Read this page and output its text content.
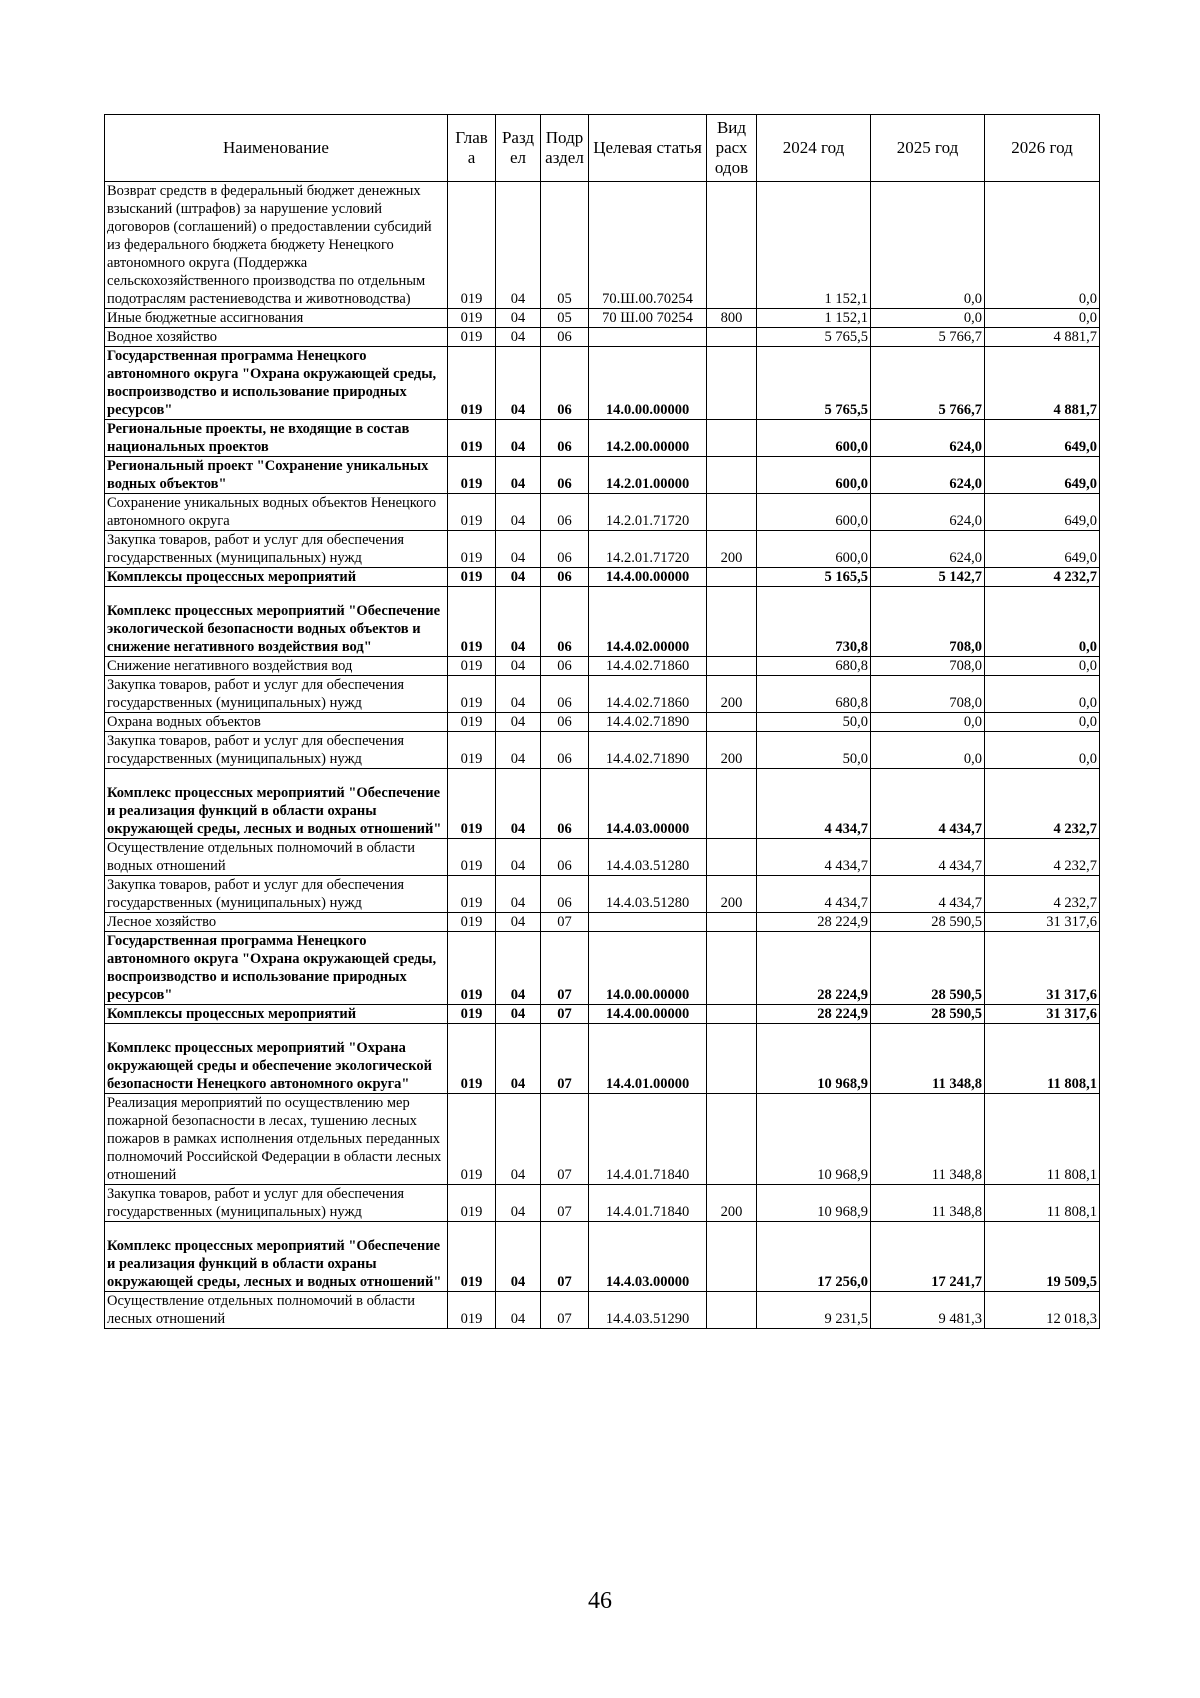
Наименование	Глав а	Разд ел	Подр аздел	Целевая статья	Вид расх одов	2024 год	2025 год	2026 год
Возврат средств в федеральный бюджет денежных взысканий (штрафов) за нарушение условий договоров (соглашений) о предоставлении субсидий из федерального бюджета бюджету Ненецкого автономного округа (Поддержка сельскохозяйственного производства по отдельным подотраслям растениеводства и животноводства)	019	04	05	70.Ш.00.70254		1 152,1	0,0	0,0
Иные бюджетные ассигнования	019	04	05	70 Ш.00 70254	800	1 152,1	0,0	0,0
Водное хозяйство	019	04	06			5 765,5	5 766,7	4 881,7
Государственная программа Ненецкого автономного округа "Охрана окружающей среды, воспроизводство и использование природных ресурсов"	019	04	06	14.0.00.00000		5 765,5	5 766,7	4 881,7
Региональные проекты, не входящие в состав национальных проектов	019	04	06	14.2.00.00000		600,0	624,0	649,0
Региональный проект "Сохранение уникальных водных объектов"	019	04	06	14.2.01.00000		600,0	624,0	649,0
Сохранение уникальных водных объектов Ненецкого автономного округа	019	04	06	14.2.01.71720		600,0	624,0	649,0
Закупка товаров, работ и услуг для обеспечения государственных (муниципальных) нужд	019	04	06	14.2.01.71720	200	600,0	624,0	649,0
Комплексы процессных мероприятий	019	04	06	14.4.00.00000		5 165,5	5 142,7	4 232,7
Комплекс процессных мероприятий "Обеспечение экологической безопасности водных объектов и снижение негативного воздействия вод"	019	04	06	14.4.02.00000		730,8	708,0	0,0
Снижение негативного воздействия вод	019	04	06	14.4.02.71860		680,8	708,0	0,0
Закупка товаров, работ и услуг для обеспечения государственных (муниципальных) нужд	019	04	06	14.4.02.71860	200	680,8	708,0	0,0
Охрана водных объектов	019	04	06	14.4.02.71890		50,0	0,0	0,0
Закупка товаров, работ и услуг для обеспечения государственных (муниципальных) нужд	019	04	06	14.4.02.71890	200	50,0	0,0	0,0
Комплекс процессных мероприятий "Обеспечение и реализация функций в области охраны окружающей среды, лесных и водных отношений"	019	04	06	14.4.03.00000		4 434,7	4 434,7	4 232,7
Осуществление отдельных полномочий в области водных отношений	019	04	06	14.4.03.51280		4 434,7	4 434,7	4 232,7
Закупка товаров, работ и услуг для обеспечения государственных (муниципальных) нужд	019	04	06	14.4.03.51280	200	4 434,7	4 434,7	4 232,7
Лесное хозяйство	019	04	07			28 224,9	28 590,5	31 317,6
Государственная программа Ненецкого автономного округа "Охрана окружающей среды, воспроизводство и использование природных ресурсов"	019	04	07	14.0.00.00000		28 224,9	28 590,5	31 317,6
Комплексы процессных мероприятий	019	04	07	14.4.00.00000		28 224,9	28 590,5	31 317,6
Комплекс процессных мероприятий "Охрана окружающей среды и обеспечение экологической безопасности Ненецкого автономного округа"	019	04	07	14.4.01.00000		10 968,9	11 348,8	11 808,1
Реализация мероприятий по осуществлению мер пожарной безопасности в лесах, тушению лесных пожаров в рамках исполнения отдельных переданных полномочий Российской Федерации в области лесных отношений	019	04	07	14.4.01.71840		10 968,9	11 348,8	11 808,1
Закупка товаров, работ и услуг для обеспечения государственных (муниципальных) нужд	019	04	07	14.4.01.71840	200	10 968,9	11 348,8	11 808,1
Комплекс процессных мероприятий "Обеспечение и реализация функций в области охраны окружающей среды, лесных и водных отношений"	019	04	07	14.4.03.00000		17 256,0	17 241,7	19 509,5
Осуществление отдельных полномочий в области лесных отношений	019	04	07	14.4.03.51290		9 231,5	9 481,3	12 018,3
46
